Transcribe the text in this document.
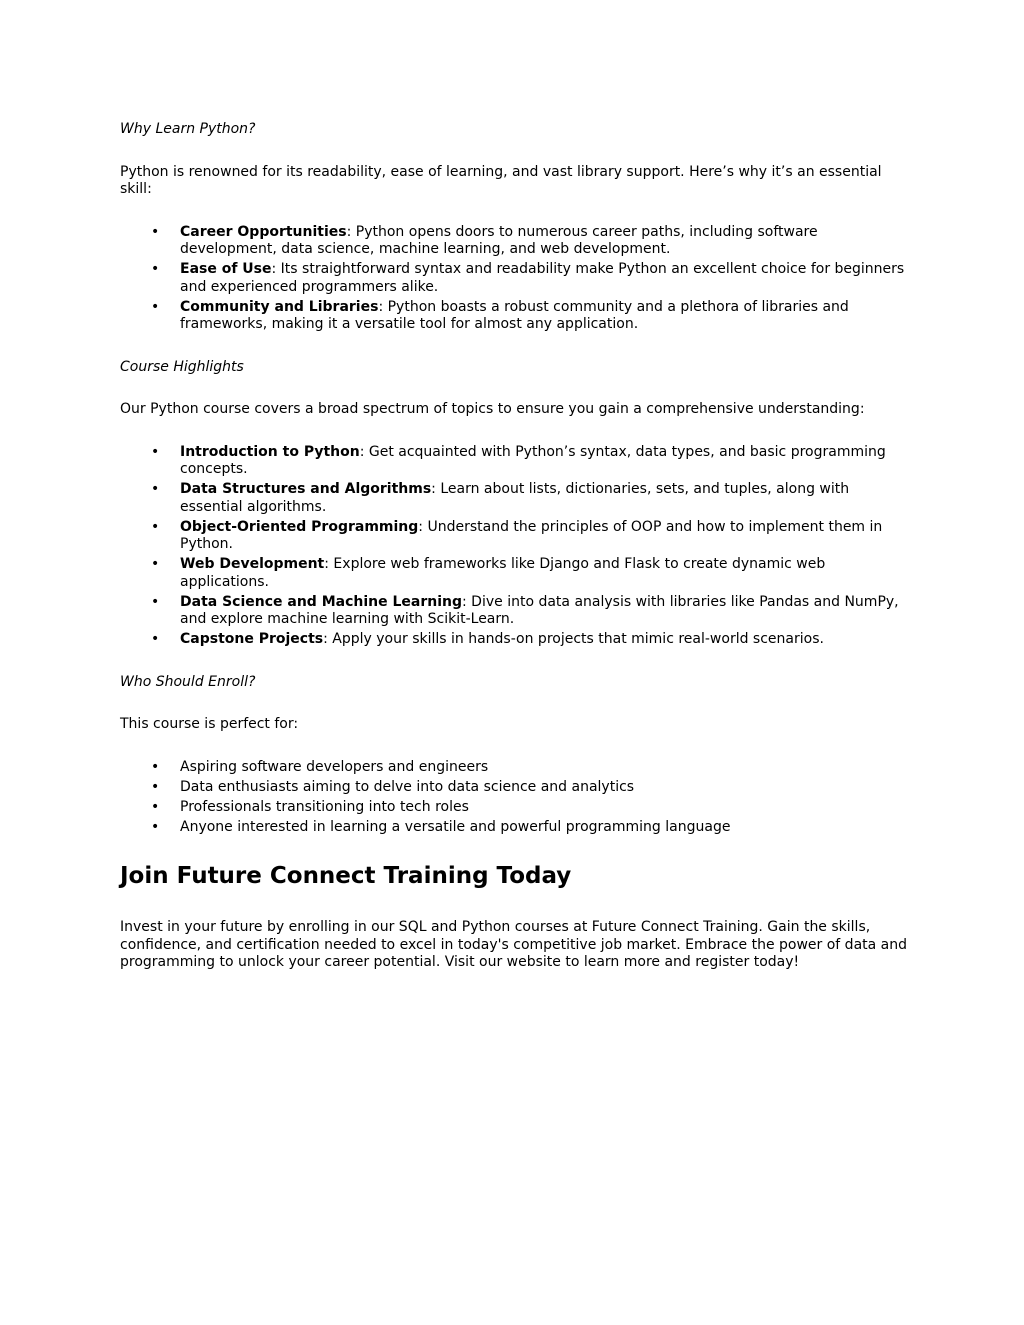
Why Learn Python?

Python is renowned for its readability, ease of learning, and vast library support. Here’s why it’s an essential skill:

• Career Opportunities: Python opens doors to numerous career paths, including software development, data science, machine learning, and web development.
• Ease of Use: Its straightforward syntax and readability make Python an excellent choice for beginners and experienced programmers alike.
• Community and Libraries: Python boasts a robust community and a plethora of libraries and frameworks, making it a versatile tool for almost any application.
Course Highlights

Our Python course covers a broad spectrum of topics to ensure you gain a comprehensive understanding:

• Introduction to Python: Get acquainted with Python’s syntax, data types, and basic programming concepts.
• Data Structures and Algorithms: Learn about lists, dictionaries, sets, and tuples, along with essential algorithms.
• Object-Oriented Programming: Understand the principles of OOP and how to implement them in Python.
• Web Development: Explore web frameworks like Django and Flask to create dynamic web applications.
• Data Science and Machine Learning: Dive into data analysis with libraries like Pandas and NumPy, and explore machine learning with Scikit-Learn.
• Capstone Projects: Apply your skills in hands-on projects that mimic real-world scenarios.
Who Should Enroll?

This course is perfect for:

• Aspiring software developers and engineers
• Data enthusiasts aiming to delve into data science and analytics
• Professionals transitioning into tech roles
• Anyone interested in learning a versatile and powerful programming language
Join Future Connect Training Today

Invest in your future by enrolling in our SQL and Python courses at Future Connect Training. Gain the skills, confidence, and certification needed to excel in today's competitive job market. Embrace the power of data and programming to unlock your career potential. Visit our website to learn more and register today!
